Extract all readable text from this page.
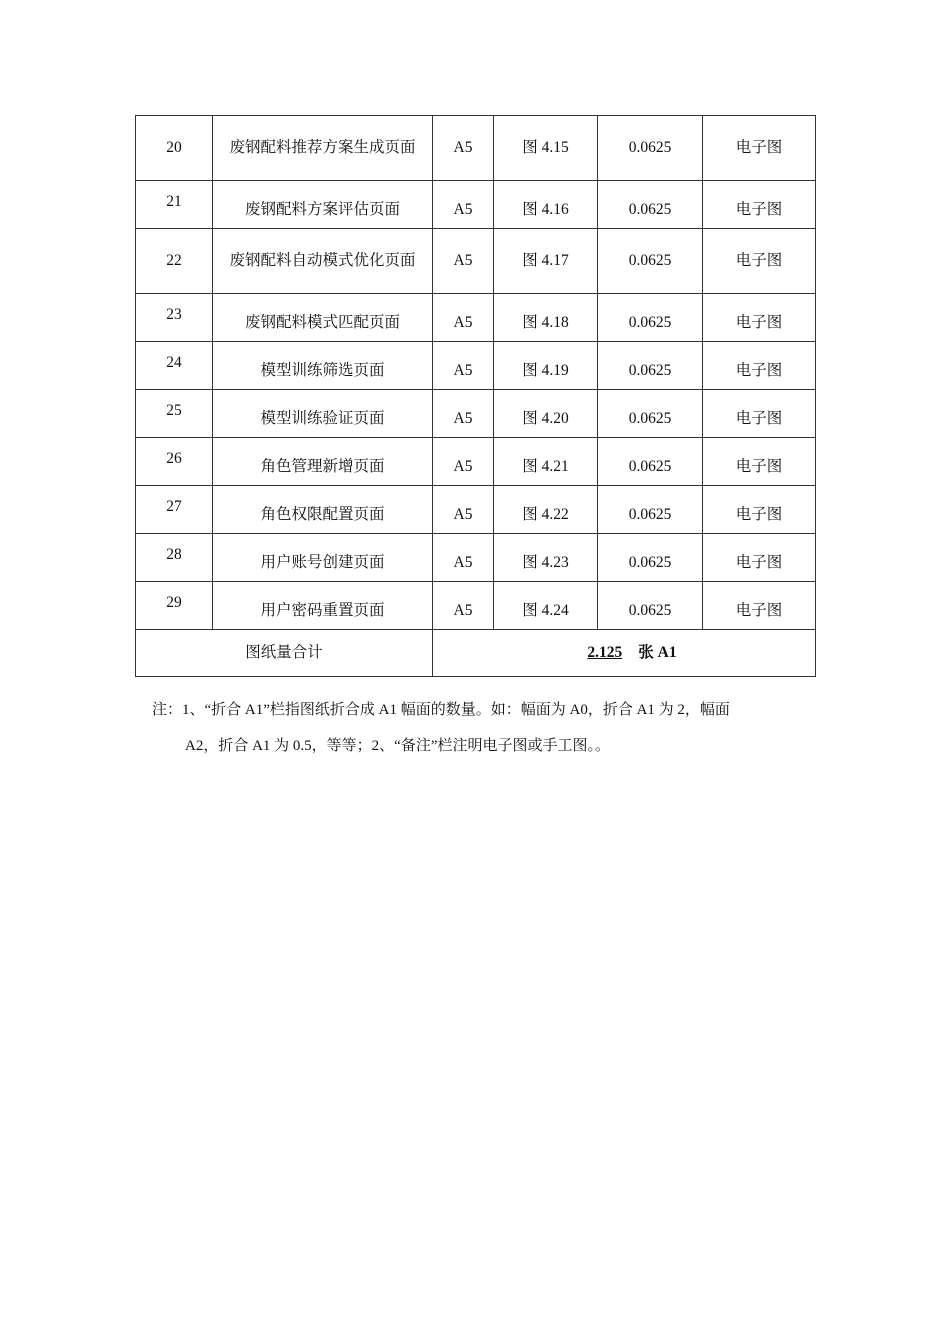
20	废钢配料推荐方案生成页面	A5	图 4.15	0.0625	电子图

21	废钢配料方案评估页面	A5	图 4.16	0.0625	电子图

22	废钢配料自动模式优化页面	A5	图 4.17	0.0625	电子图

23	废钢配料模式匹配页面	A5	图 4.18	0.0625	电子图

24	模型训练筛选页面	A5	图 4.19	0.0625	电子图

25	模型训练验证页面	A5	图 4.20	0.0625	电子图

26	角色管理新增页面	A5	图 4.21	0.0625	电子图

27	角色权限配置页面	A5	图 4.22	0.0625	电子图

28	用户账号创建页面	A5	图 4.23	0.0625	电子图

29	用户密码重置页面	A5	图 4.24	0.0625	电子图

图纸量合计		2.125 张 A1			

注：1、“折合 A1”栏指图纸折合成 A1 幅面的数量。如：幅面为 A0，折合 A1 为 2，幅面

A2，折合 A1 为 0.5，等等；2、“备注”栏注明电子图或手工图。。
